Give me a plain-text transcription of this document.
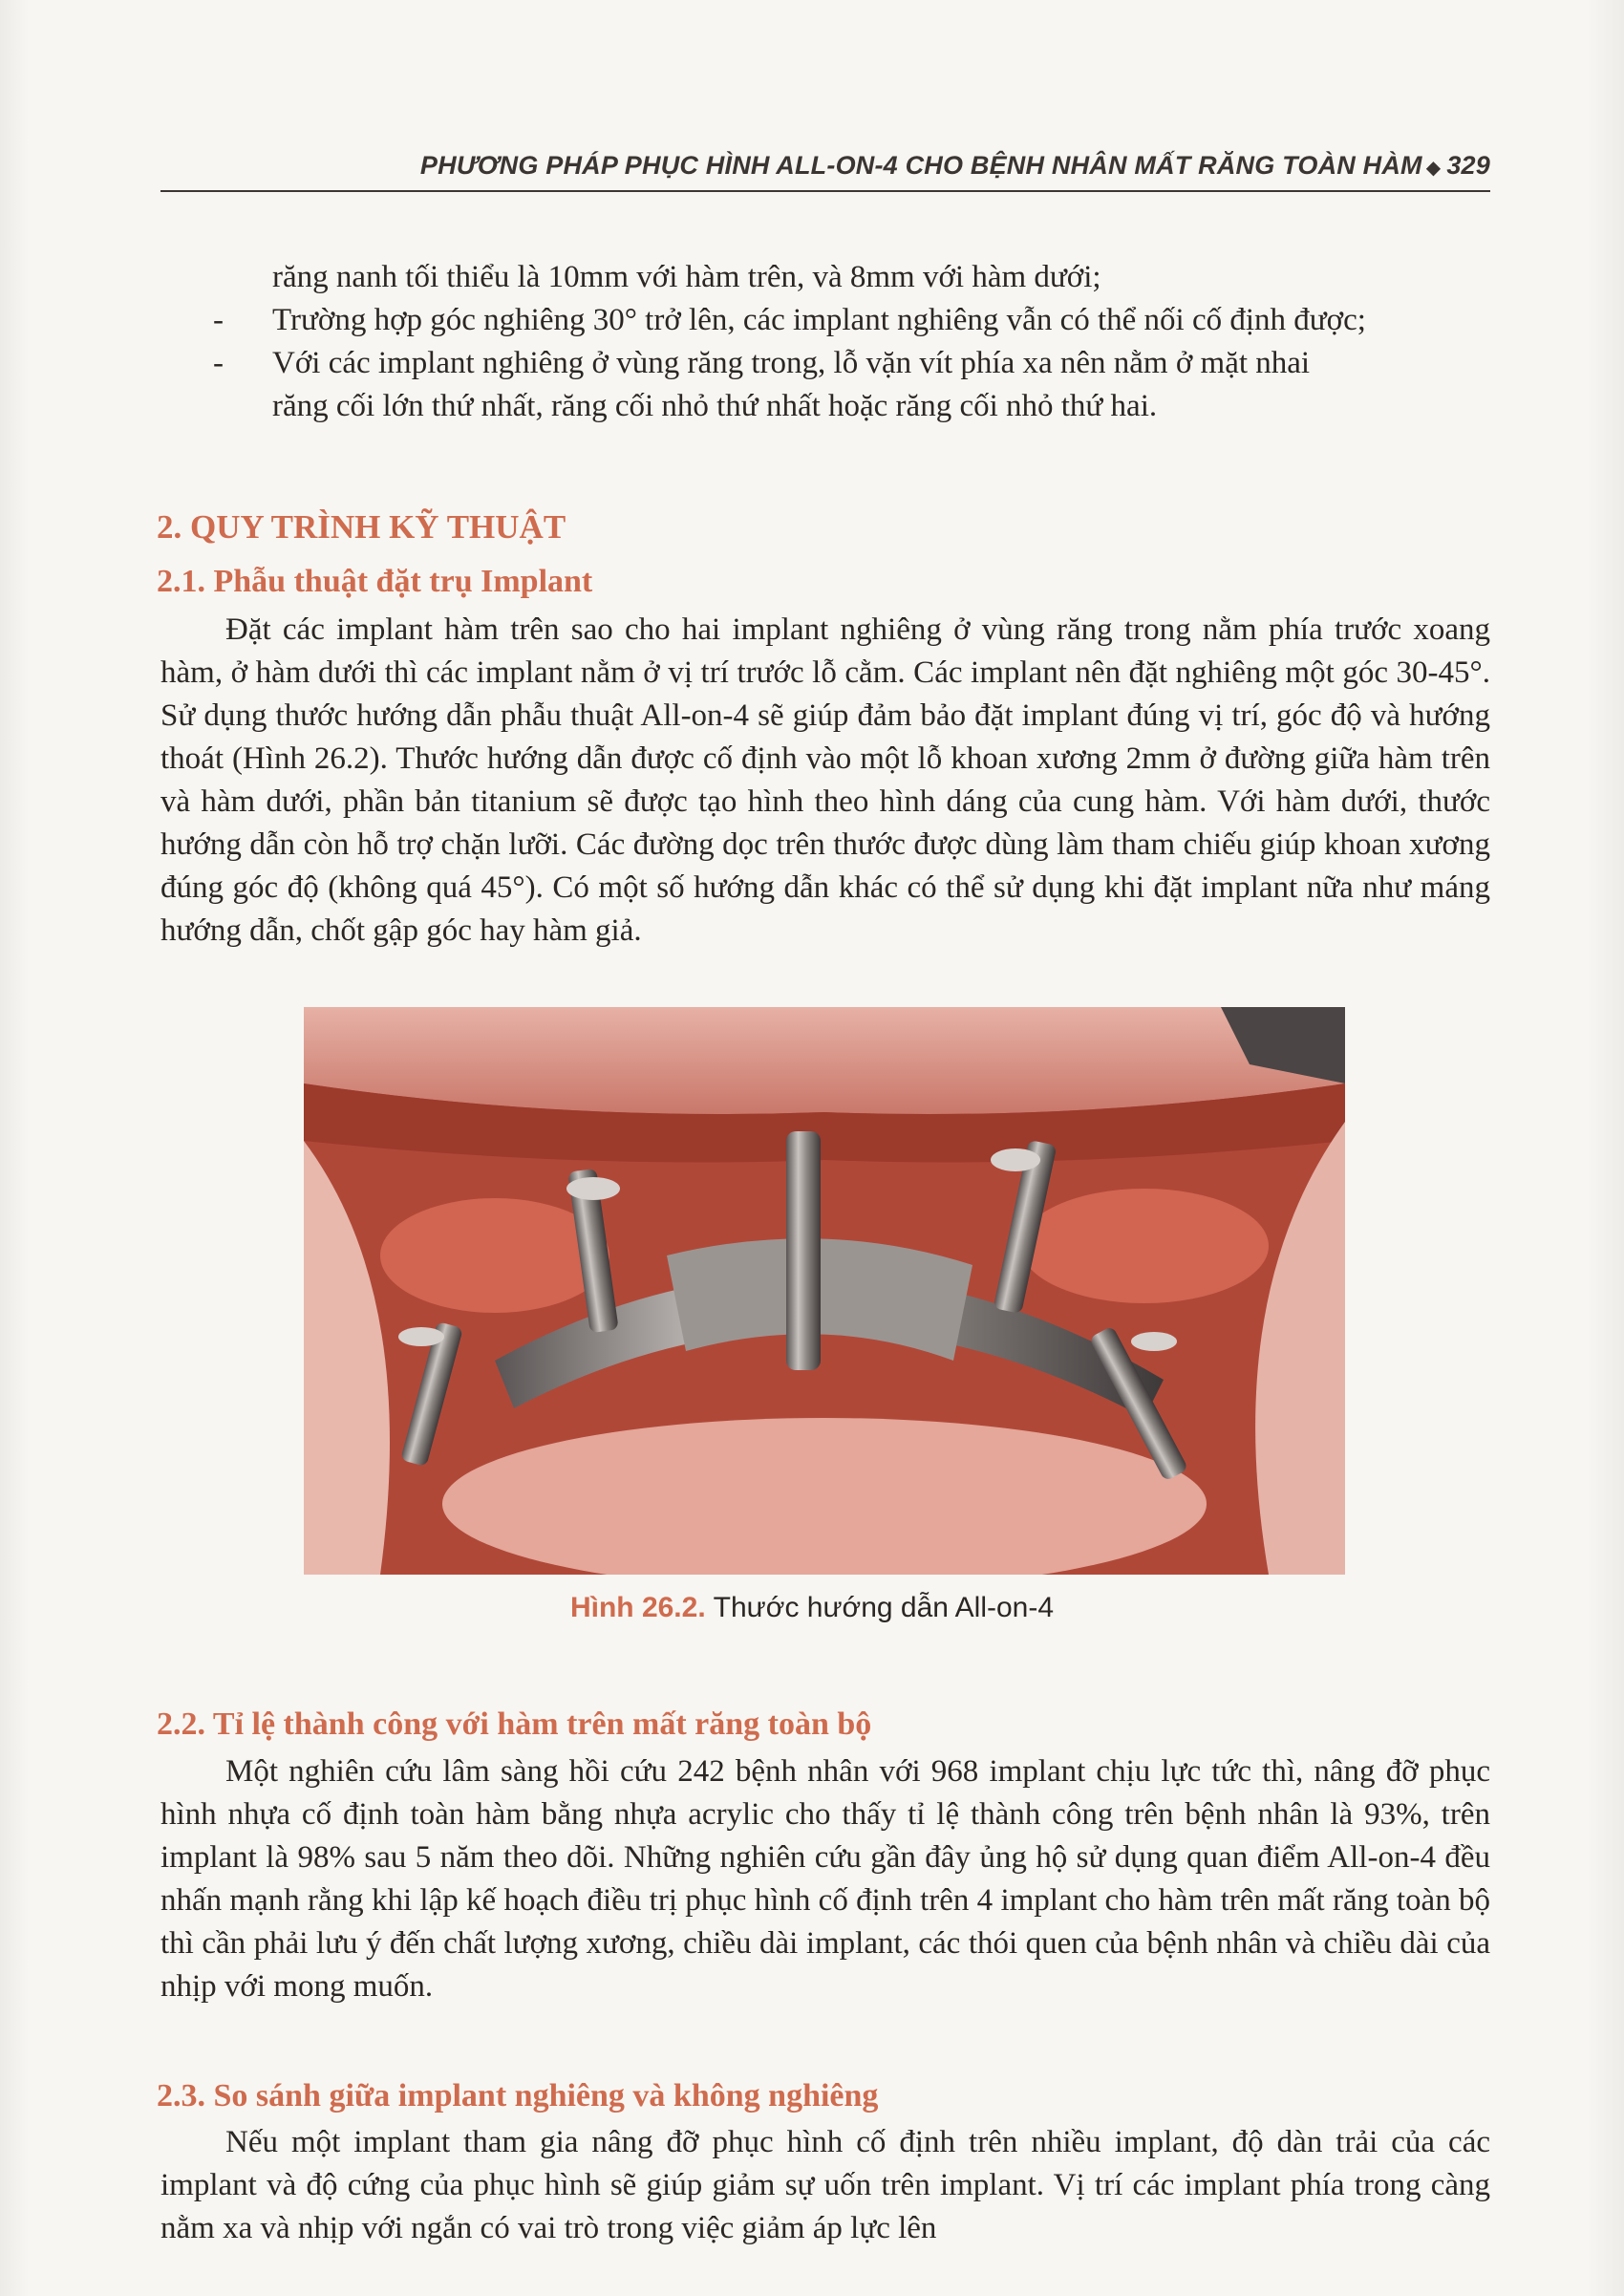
PHƯƠNG PHÁP PHỤC HÌNH ALL-ON-4 CHO BỆNH NHÂN MẤT RĂNG TOÀN HÀM ◆ 329
răng nanh tối thiểu là 10mm với hàm trên, và 8mm với hàm dưới;
- Trường hợp góc nghiêng 30° trở lên, các implant nghiêng vẫn có thể nối cố định được;
- Với các implant nghiêng ở vùng răng trong, lỗ vặn vít phía xa nên nằm ở mặt nhai
răng cối lớn thứ nhất, răng cối nhỏ thứ nhất hoặc răng cối nhỏ thứ hai.
2. QUY TRÌNH KỸ THUẬT
2.1. Phẫu thuật đặt trụ Implant

Đặt các implant hàm trên sao cho hai implant nghiêng ở vùng răng trong nằm phía trước xoang hàm, ở hàm dưới thì các implant nằm ở vị trí trước lỗ cằm. Các implant nên đặt nghiêng một góc 30-45°. Sử dụng thước hướng dẫn phẫu thuật All-on-4 sẽ giúp đảm bảo đặt implant đúng vị trí, góc độ và hướng thoát (Hình 26.2). Thước hướng dẫn được cố định vào một lỗ khoan xương 2mm ở đường giữa hàm trên và hàm dưới, phần bản titanium sẽ được tạo hình theo hình dáng của cung hàm. Với hàm dưới, thước hướng dẫn còn hỗ trợ chặn lưỡi. Các đường dọc trên thước được dùng làm tham chiếu giúp khoan xương đúng góc độ (không quá 45°). Có một số hướng dẫn khác có thể sử dụng khi đặt implant nữa như máng hướng dẫn, chốt gập góc hay hàm giả.

Hình 26.2. Thước hướng dẫn All-on-4
2.2. Tỉ lệ thành công với hàm trên mất răng toàn bộ

Một nghiên cứu lâm sàng hồi cứu 242 bệnh nhân với 968 implant chịu lực tức thì, nâng đỡ phục hình nhựa cố định toàn hàm bằng nhựa acrylic cho thấy tỉ lệ thành công trên bệnh nhân là 93%, trên implant là 98% sau 5 năm theo dõi. Những nghiên cứu gần đây ủng hộ sử dụng quan điểm All-on-4 đều nhấn mạnh rằng khi lập kế hoạch điều trị phục hình cố định trên 4 implant cho hàm trên mất răng toàn bộ thì cần phải lưu ý đến chất lượng xương, chiều dài implant, các thói quen của bệnh nhân và chiều dài của nhịp với mong muốn.

2.3. So sánh giữa implant nghiêng và không nghiêng

Nếu một implant tham gia nâng đỡ phục hình cố định trên nhiều implant, độ dàn trải của các implant và độ cứng của phục hình sẽ giúp giảm sự uốn trên implant. Vị trí các implant phía trong càng nằm xa và nhịp với ngắn có vai trò trong việc giảm áp lực lên
